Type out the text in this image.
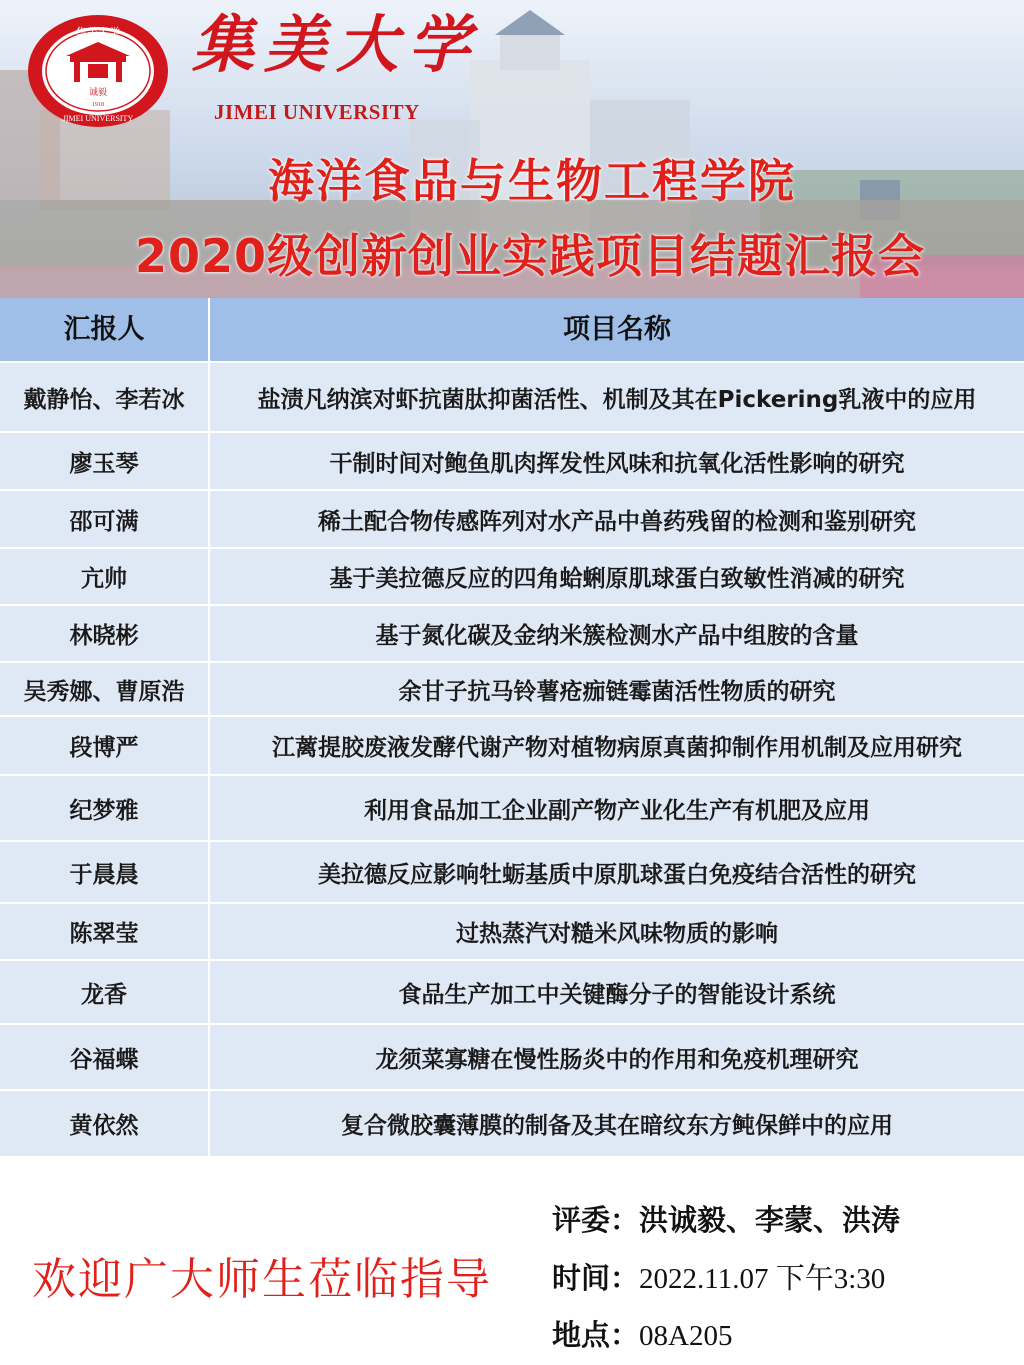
诚毅
1918
集美大学
JIMEI UNIVERSITY
集美大学
JIMEI UNIVERSITY
海洋食品与生物工程学院
2020级创新创业实践项目结题汇报会
汇报人	项目名称
戴静怡、李若冰	盐渍凡纳滨对虾抗菌肽抑菌活性、机制及其在Pickering乳液中的应用
廖玉琴	干制时间对鲍鱼肌肉挥发性风味和抗氧化活性影响的研究
邵可满	稀土配合物传感阵列对水产品中兽药残留的检测和鉴别研究
亢帅	基于美拉德反应的四角蛤蜊原肌球蛋白致敏性消减的研究
林晓彬	基于氮化碳及金纳米簇检测水产品中组胺的含量
吴秀娜、曹原浩	余甘子抗马铃薯疮痂链霉菌活性物质的研究
段博严	江蓠提胶废液发酵代谢产物对植物病原真菌抑制作用机制及应用研究
纪梦雅	利用食品加工企业副产物产业化生产有机肥及应用
于晨晨	美拉德反应影响牡蛎基质中原肌球蛋白免疫结合活性的研究
陈翠莹	过热蒸汽对糙米风味物质的影响
龙香	食品生产加工中关键酶分子的智能设计系统
谷福蝶	龙须菜寡糖在慢性肠炎中的作用和免疫机理研究
黄依然	复合微胶囊薄膜的制备及其在暗纹东方鲀保鲜中的应用
欢迎广大师生莅临指导
评委：洪诚毅、李蒙、洪涛
时间：2022.11.07 下午3:30
地点：08A205
